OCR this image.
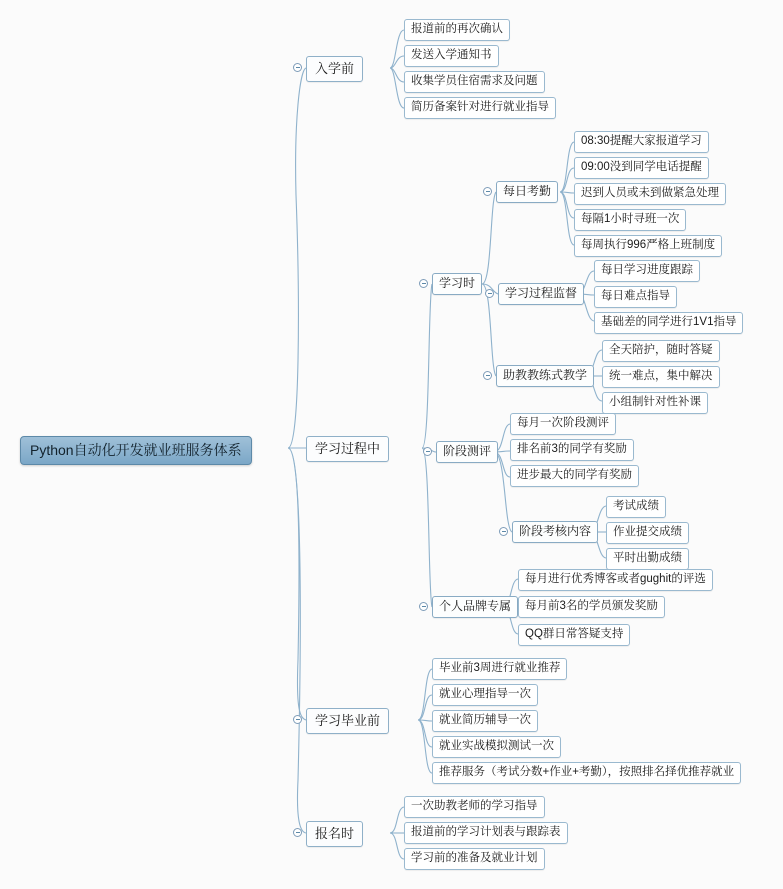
Python自动化开发就业班服务体系
入学前
报道前的再次确认
发送入学通知书
收集学员住宿需求及问题
简历备案针对进行就业指导
学习过程中
学习时
每日考勤
08:30提醒大家报道学习
09:00没到同学电话提醒
迟到人员或未到做紧急处理
每隔1小时寻班一次
每周执行996严格上班制度
学习过程监督
每日学习进度跟踪
每日难点指导
基础差的同学进行1V1指导
助教教练式教学
全天陪护，随时答疑
统一难点，集中解决
小组制针对性补课
阶段测评
每月一次阶段测评
排名前3的同学有奖励
进步最大的同学有奖励
阶段考核内容
考试成绩
作业提交成绩
平时出勤成绩
个人品牌专属
每月进行优秀博客或者gughit的评选
每月前3名的学员颁发奖励
QQ群日常答疑支持
学习毕业前
毕业前3周进行就业推荐
就业心理指导一次
就业简历辅导一次
就业实战模拟测试一次
推荐服务（考试分数+作业+考勤），按照排名择优推荐就业
报名时
一次助教老师的学习指导
报道前的学习计划表与跟踪表
学习前的准备及就业计划
